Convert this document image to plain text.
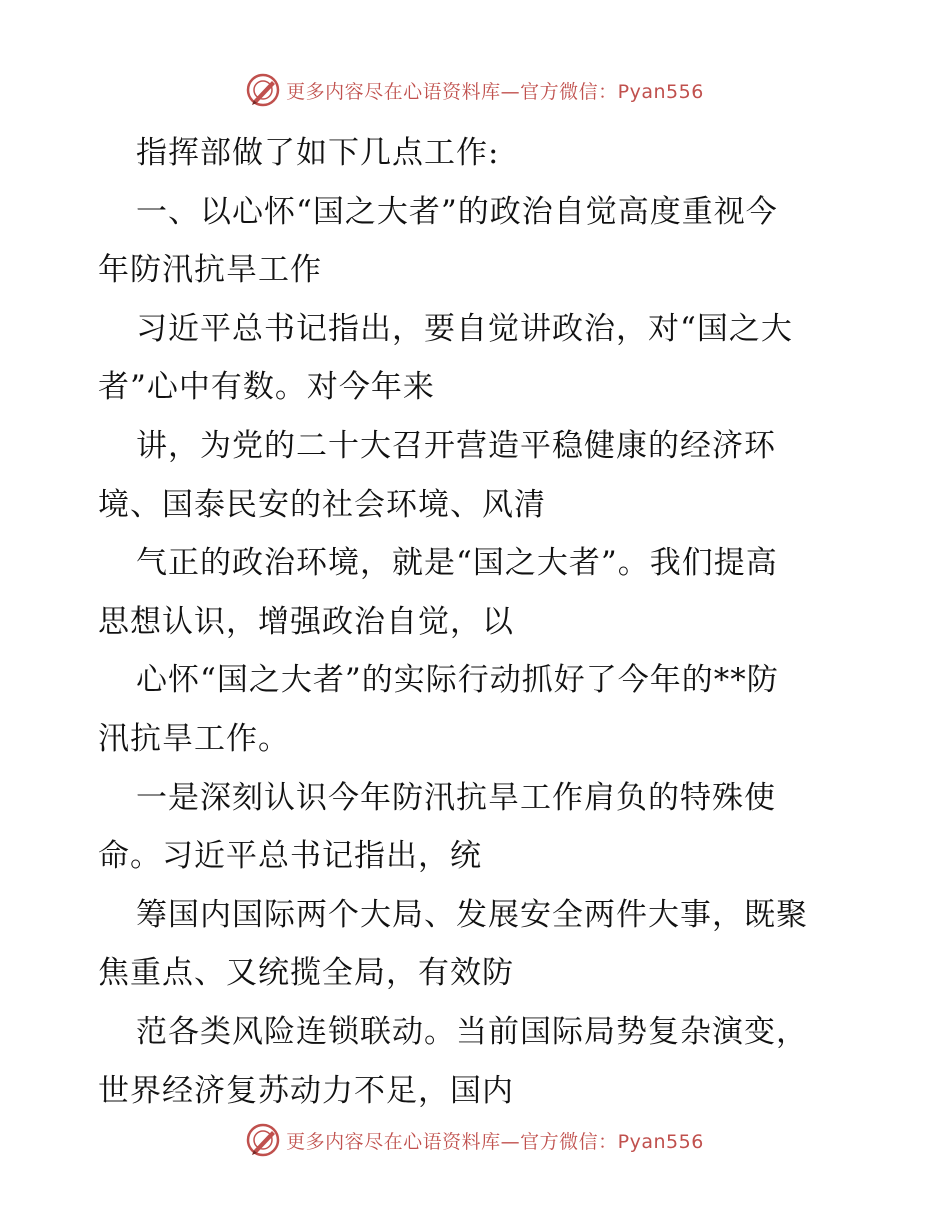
更多内容尽在心语资料库—官方微信：Pyan556
指挥部做了如下几点工作:
一、以心怀“国之大者”的政治自觉高度重视今
年防汛抗旱工作
习近平总书记指出，要自觉讲政治，对“国之大
者”心中有数。对今年来
讲，为党的二十大召开营造平稳健康的经济环
境、国泰民安的社会环境、风清
气正的政治环境，就是“国之大者”。我们提高
思想认识，增强政治自觉，以
心怀“国之大者”的实际行动抓好了今年的**防
汛抗旱工作。
一是深刻认识今年防汛抗旱工作肩负的特殊使
命。习近平总书记指出，统
筹国内国际两个大局、发展安全两件大事，既聚
焦重点、又统揽全局，有效防
范各类风险连锁联动。当前国际局势复杂演变，
世界经济复苏动力不足，国内
更多内容尽在心语资料库—官方微信：Pyan556
